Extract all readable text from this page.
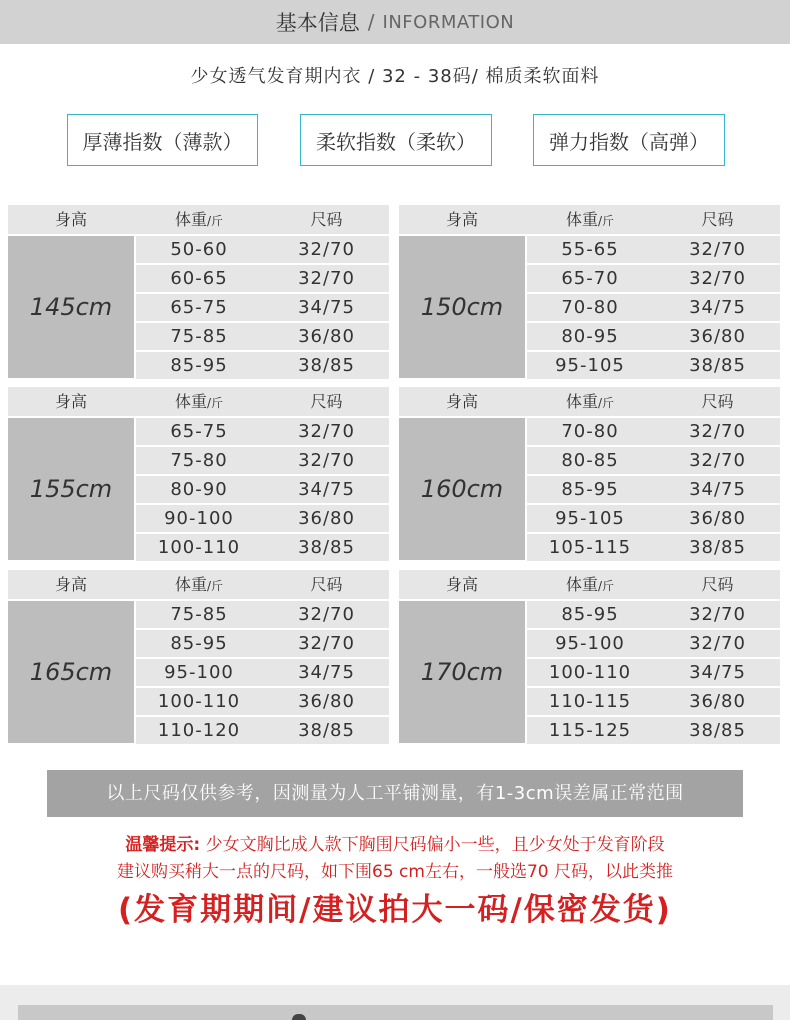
基本信息 / INFORMATION
少女透气发育期内衣 / 32 - 38码/ 棉质柔软面料
厚薄指数（薄款）	柔软指数（柔软）	弹力指数（高弹）
身高	体重/斤	尺码
145cm
50-60	32/70
60-65	32/70
65-75	34/75
75-85	36/80
85-95	38/85
身高	体重/斤	尺码
150cm
55-65	32/70
65-70	32/70
70-80	34/75
80-95	36/80
95-105	38/85
身高	体重/斤	尺码
155cm
65-75	32/70
75-80	32/70
80-90	34/75
90-100	36/80
100-110	38/85
身高	体重/斤	尺码
160cm
70-80	32/70
80-85	32/70
85-95	34/75
95-105	36/80
105-115	38/85
身高	体重/斤	尺码
165cm
75-85	32/70
85-95	32/70
95-100	34/75
100-110	36/80
110-120	38/85
身高	体重/斤	尺码
170cm
85-95	32/70
95-100	32/70
100-110	34/75
110-115	36/80
115-125	38/85
以上尺码仅供参考，因测量为人工平铺测量，有1-3cm误差属正常范围
温馨提示: 少女文胸比成人款下胸围尺码偏小一些，且少女处于发育阶段
建议购买稍大一点的尺码，如下围65 cm左右，一般选70 尺码，以此类推
(发育期期间/建议拍大一码/保密发货)
